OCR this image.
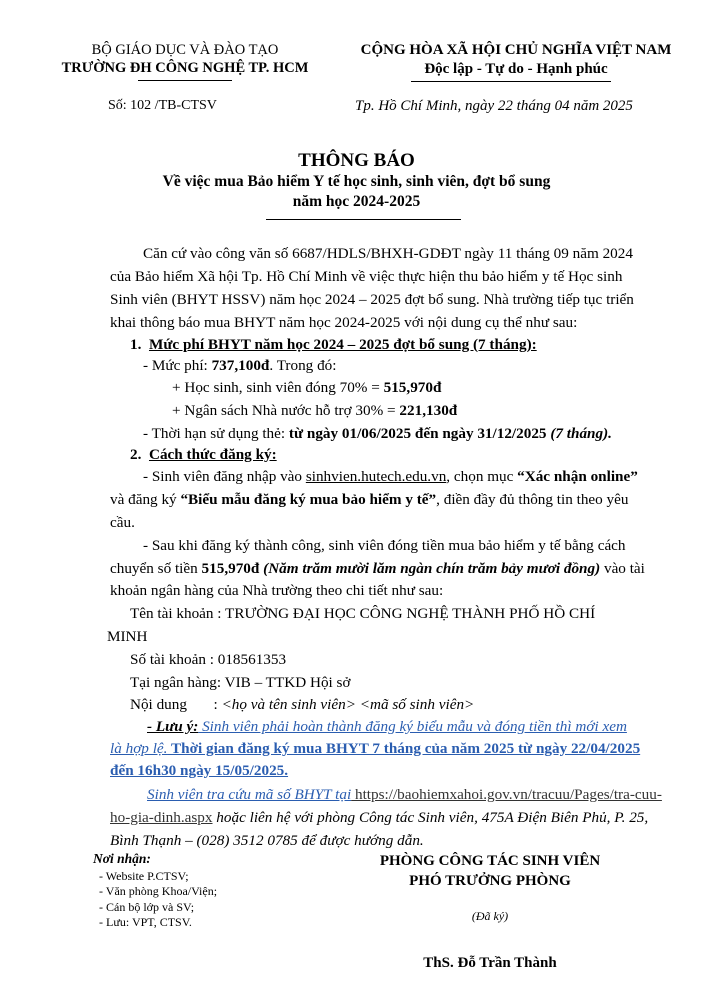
BỘ GIÁO DỤC VÀ ĐÀO TẠO
TRƯỜNG ĐH CÔNG NGHỆ TP. HCM
CỘNG HÒA XÃ HỘI CHỦ NGHĨA VIỆT NAM
Độc lập - Tự do - Hạnh phúc
Số: 102 /TB-CTSV	Tp. Hồ Chí Minh, ngày 22 tháng 04 năm 2025
THÔNG BÁO
Về việc mua Bảo hiểm Y tế học sinh, sinh viên, đợt bổ sung
năm học 2024-2025
Căn cứ vào công văn số 6687/HDLS/BHXH-GDĐT ngày 11 tháng 09 năm 2024
của Bảo hiểm Xã hội Tp. Hồ Chí Minh về việc thực hiện thu bảo hiểm y tế Học sinh
Sinh viên (BHYT HSSV) năm học 2024 – 2025 đợt bổ sung. Nhà trường tiếp tục triển
khai thông báo mua BHYT năm học 2024-2025 với nội dung cụ thể như sau:
1. Mức phí BHYT năm học 2024 – 2025 đợt bổ sung (7 tháng):
- Mức phí: 737,100đ. Trong đó:
+ Học sinh, sinh viên đóng 70% = 515,970đ
+ Ngân sách Nhà nước hỗ trợ 30% = 221,130đ
- Thời hạn sử dụng thẻ: từ ngày 01/06/2025 đến ngày 31/12/2025 (7 tháng).
2. Cách thức đăng ký:
- Sinh viên đăng nhập vào sinhvien.hutech.edu.vn, chọn mục “Xác nhận online”
và đăng ký “Biểu mẫu đăng ký mua bảo hiểm y tế”, điền đầy đủ thông tin theo yêu
cầu.
- Sau khi đăng ký thành công, sinh viên đóng tiền mua bảo hiểm y tế bằng cách
chuyển số tiền 515,970đ (Năm trăm mười lăm ngàn chín trăm bảy mươi đồng) vào tài
khoản ngân hàng của Nhà trường theo chi tiết như sau:
Tên tài khoản : TRƯỜNG ĐẠI HỌC CÔNG NGHỆ THÀNH PHỐ HỒ CHÍ
MINH
Số tài khoản : 018561353
Tại ngân hàng: VIB – TTKD Hội sở
Nội dung       : <họ và tên sinh viên> <mã số sinh viên>
- Lưu ý: Sinh viên phải hoàn thành đăng ký biểu mẫu và đóng tiền thì mới xem
là hợp lệ. Thời gian đăng ký mua BHYT 7 tháng của năm 2025 từ ngày 22/04/2025
đến 16h30 ngày 15/05/2025.
Sinh viên tra cứu mã số BHYT tại https://baohiemxahoi.gov.vn/tracuu/Pages/tra-cuu-
ho-gia-dinh.aspx hoặc liên hệ với phòng Công tác Sinh viên, 475A Điện Biên Phủ, P. 25,
Bình Thạnh – (028) 3512 0785 để được hướng dẫn.
Nơi nhận:
- Website P.CTSV;
- Văn phòng Khoa/Viện;
- Cán bộ lớp và SV;
- Lưu: VPT, CTSV.
PHÒNG CÔNG TÁC SINH VIÊN
PHÓ TRƯỞNG PHÒNG
(Đã ký)
ThS. Đỗ Trần Thành
